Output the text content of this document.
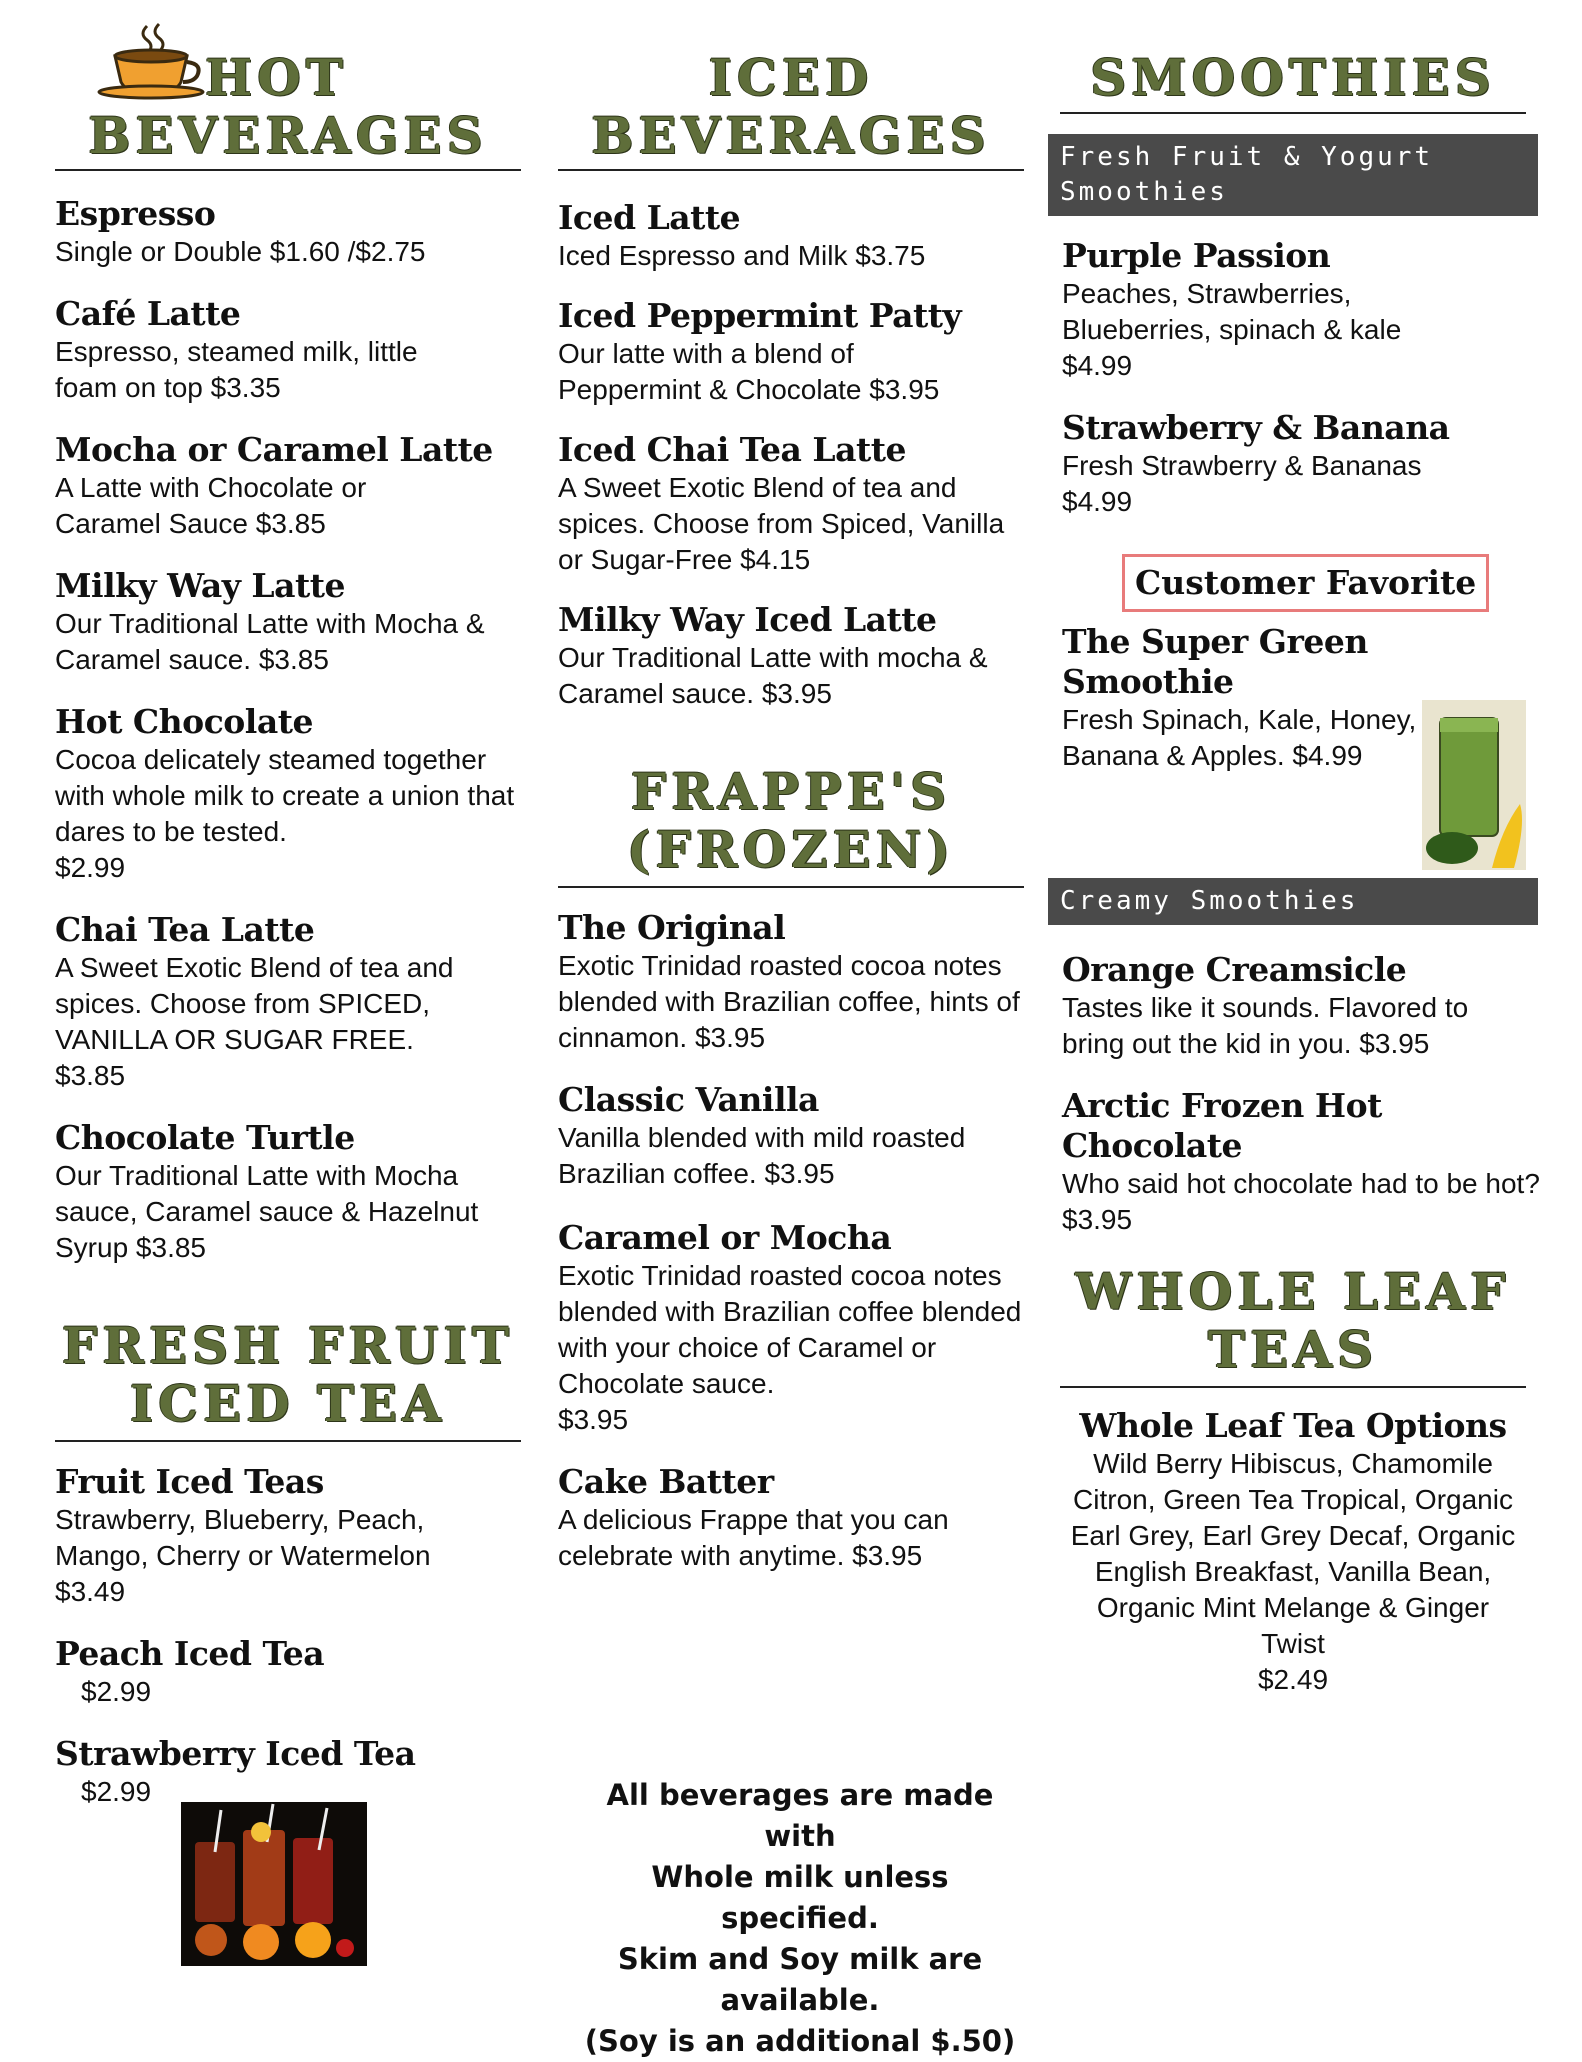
HOT
BEVERAGES
Espresso
Single or Double $1.60 /$2.75
Café Latte
Espresso, steamed milk, little foam on top $3.35
Mocha or Caramel Latte
A Latte with Chocolate or Caramel Sauce $3.85
Milky Way Latte
Our Traditional Latte with Mocha & Caramel sauce. $3.85
Hot Chocolate
Cocoa delicately steamed together with whole milk to create a union that dares to be tested.
$2.99
Chai Tea Latte
A Sweet Exotic Blend of tea and spices. Choose from SPICED, VANILLA OR SUGAR FREE.
$3.85
Chocolate Turtle
Our Traditional Latte with Mocha sauce, Caramel sauce & Hazelnut Syrup $3.85
FRESH FRUIT
ICED TEA
Fruit Iced Teas
Strawberry, Blueberry, Peach, Mango, Cherry or Watermelon
$3.49
Peach Iced Tea
$2.99
Strawberry Iced Tea
$2.99
ICED
BEVERAGES
Iced Latte
Iced Espresso and Milk $3.75
Iced Peppermint Patty
Our latte with a blend of Peppermint & Chocolate $3.95
Iced Chai Tea Latte
A Sweet Exotic Blend of tea and spices. Choose from Spiced, Vanilla or Sugar-Free $4.15
Milky Way Iced Latte
Our Traditional Latte with mocha & Caramel sauce. $3.95
FRAPPE'S
(FROZEN)
The Original
Exotic Trinidad roasted cocoa notes blended with Brazilian coffee, hints of cinnamon. $3.95
Classic Vanilla
Vanilla blended with mild roasted Brazilian coffee. $3.95
Caramel or Mocha
Exotic Trinidad roasted cocoa notes blended with Brazilian coffee blended with your choice of Caramel or Chocolate sauce.
$3.95
Cake Batter
A delicious Frappe that you can celebrate with anytime. $3.95
SMOOTHIES
Fresh Fruit & Yogurt Smoothies
Purple Passion
Peaches, Strawberries, Blueberries, spinach & kale
$4.99
Strawberry & Banana
Fresh Strawberry & Bananas
$4.99
Customer Favorite
The Super Green Smoothie
Fresh Spinach, Kale, Honey,
Banana & Apples. $4.99
Creamy Smoothies
Orange Creamsicle
Tastes like it sounds. Flavored to bring out the kid in you. $3.95
Arctic Frozen Hot Chocolate
Who said hot chocolate had to be hot? $3.95
WHOLE LEAF
TEAS
Whole Leaf Tea Options
Wild Berry Hibiscus, Chamomile Citron, Green Tea Tropical, Organic Earl Grey, Earl Grey Decaf, Organic English Breakfast, Vanilla Bean, Organic Mint Melange & Ginger Twist
$2.49
All beverages are made with
Whole milk unless specified.
Skim and Soy milk are available.
(Soy is an additional $.50)
